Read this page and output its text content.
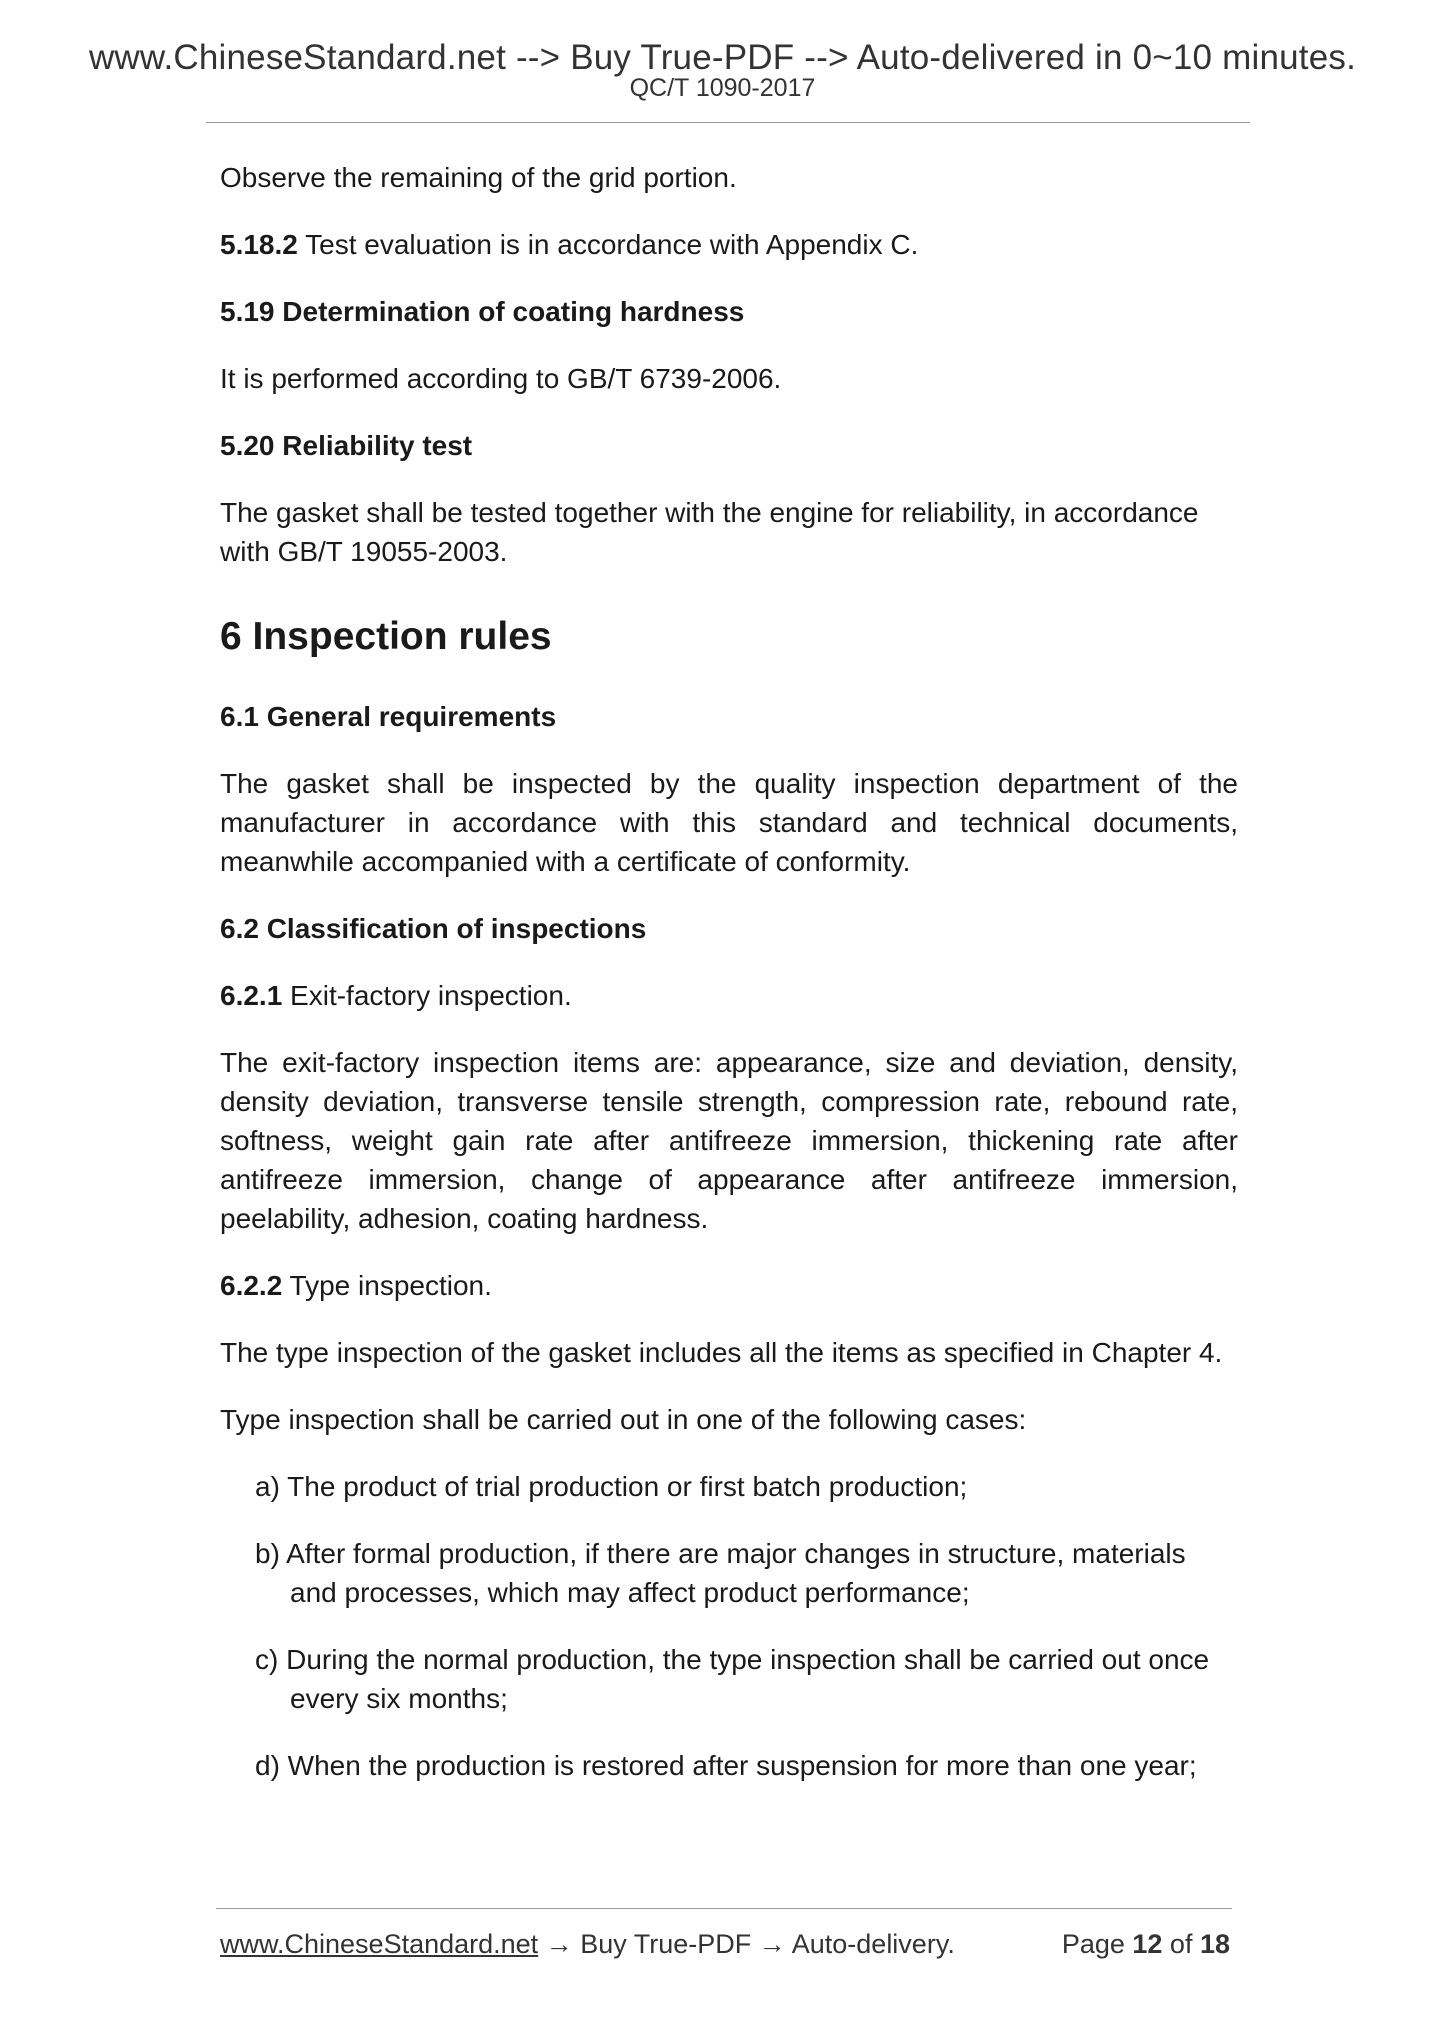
www.ChineseStandard.net --> Buy True-PDF --> Auto-delivered in 0~10 minutes.
QC/T 1090-2017

Observe the remaining of the grid portion.

5.18.2 Test evaluation is in accordance with Appendix C.

5.19 Determination of coating hardness

It is performed according to GB/T 6739-2006.

5.20 Reliability test

The gasket shall be tested together with the engine for reliability, in accordance with GB/T 19055-2003.

6 Inspection rules

6.1 General requirements

The gasket shall be inspected by the quality inspection department of the manufacturer in accordance with this standard and technical documents, meanwhile accompanied with a certificate of conformity.

6.2 Classification of inspections

6.2.1 Exit-factory inspection.

The exit-factory inspection items are: appearance, size and deviation, density, density deviation, transverse tensile strength, compression rate, rebound rate, softness, weight gain rate after antifreeze immersion, thickening rate after antifreeze immersion, change of appearance after antifreeze immersion, peelability, adhesion, coating hardness.

6.2.2 Type inspection.

The type inspection of the gasket includes all the items as specified in Chapter 4.

Type inspection shall be carried out in one of the following cases:

a) The product of trial production or first batch production;

b) After formal production, if there are major changes in structure, materials and processes, which may affect product performance;

c) During the normal production, the type inspection shall be carried out once every six months;

d) When the production is restored after suspension for more than one year;

www.ChineseStandard.net → Buy True-PDF → Auto-delivery.	Page 12 of 18
